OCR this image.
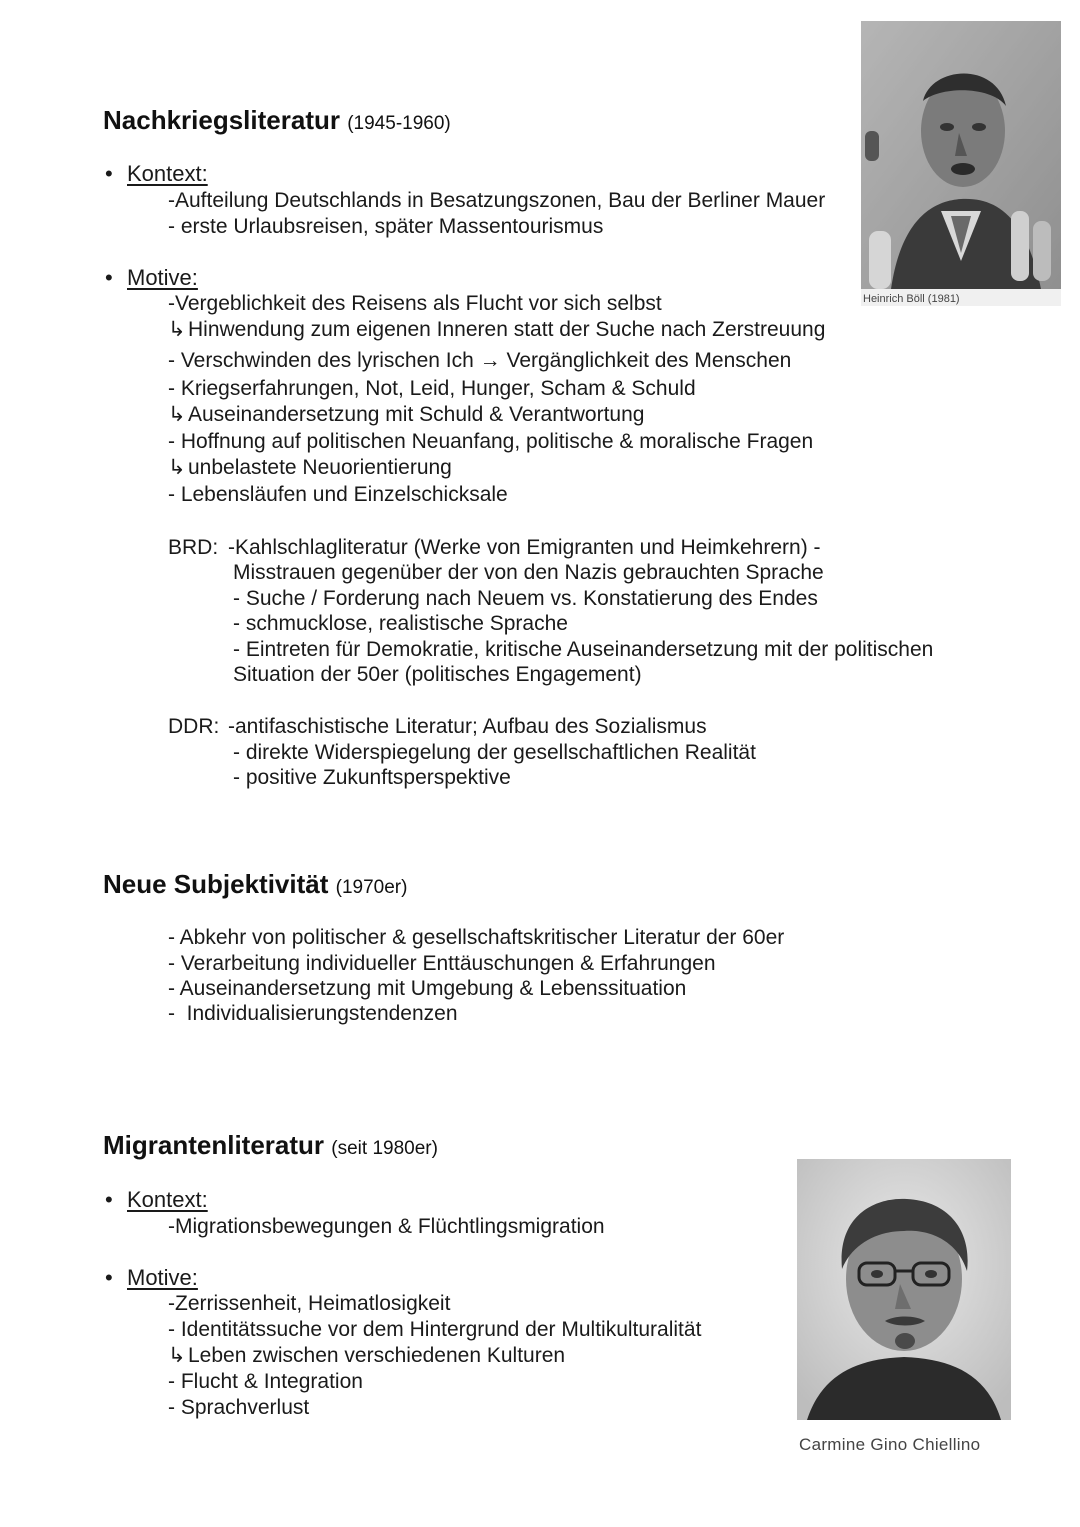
Nachkriegsliteratur (1945-1960)
• Kontext:
-Aufteilung Deutschlands in Besatzungszonen, Bau der Berliner Mauer
- erste Urlaubsreisen, später Massentourismus
• Motive:
-Vergeblichkeit des Reisens als Flucht vor sich selbst
↳ Hinwendung zum eigenen Inneren statt der Suche nach Zerstreuung
- Verschwinden des lyrischen Ich → Vergänglichkeit des Menschen
- Kriegserfahrungen, Not, Leid, Hunger, Scham & Schuld
↳ Auseinandersetzung mit Schuld & Verantwortung
- Hoffnung auf politischen Neuanfang, politische & moralische Fragen
↳ unbelastete Neuorientierung
- Lebensläufen und Einzelschicksale
BRD: -Kahlschlagliteratur (Werke von Emigranten und Heimkehrern) -
Misstrauen gegenüber der von den Nazis gebrauchten Sprache
- Suche / Forderung nach Neuem vs. Konstatierung des Endes
- schmucklose, realistische Sprache
- Eintreten für Demokratie, kritische Auseinandersetzung mit der politischen
Situation der 50er (politisches Engagement)
DDR: -antifaschistische Literatur; Aufbau des Sozialismus
- direkte Widerspiegelung der gesellschaftlichen Realität
- positive Zukunftsperspektive
Heinrich Böll (1981)
Neue Subjektivität (1970er)
- Abkehr von politischer & gesellschaftskritischer Literatur der 60er
- Verarbeitung individueller Enttäuschungen & Erfahrungen
- Auseinandersetzung mit Umgebung & Lebenssituation
-  Individualisierungstendenzen
Migrantenliteratur (seit 1980er)
• Kontext:
-Migrationsbewegungen & Flüchtlingsmigration
• Motive:
-Zerrissenheit, Heimatlosigkeit
- Identitätssuche vor dem Hintergrund der Multikulturalität
↳ Leben zwischen verschiedenen Kulturen
- Flucht & Integration
- Sprachverlust
Carmine Gino Chiellino
